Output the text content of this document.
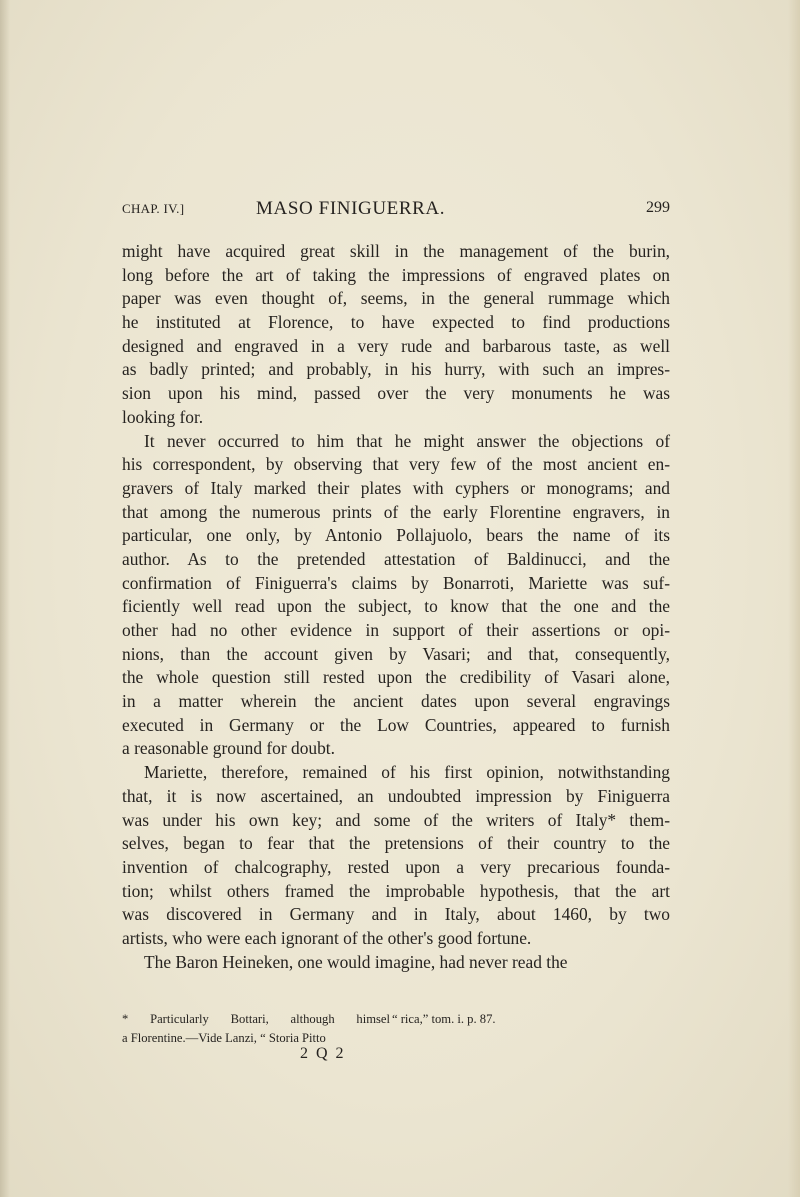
CHAP. IV.]	MASO FINIGUERRA.	299
might have acquired great skill in the management of the burin,
long before the art of taking the impressions of engraved plates on
paper was even thought of, seems, in the general rummage which
he instituted at Florence, to have expected to find productions
designed and engraved in a very rude and barbarous taste, as well
as badly printed; and probably, in his hurry, with such an impres-
sion upon his mind, passed over the very monuments he was
looking for.
It never occurred to him that he might answer the objections of
his correspondent, by observing that very few of the most ancient en-
gravers of Italy marked their plates with cyphers or monograms; and
that among the numerous prints of the early Florentine engravers, in
particular, one only, by Antonio Pollajuolo, bears the name of its
author. As to the pretended attestation of Baldinucci, and the
confirmation of Finiguerra's claims by Bonarroti, Mariette was suf-
ficiently well read upon the subject, to know that the one and the
other had no other evidence in support of their assertions or opi-
nions, than the account given by Vasari; and that, consequently,
the whole question still rested upon the credibility of Vasari alone,
in a matter wherein the ancient dates upon several engravings
executed in Germany or the Low Countries, appeared to furnish
a reasonable ground for doubt.
Mariette, therefore, remained of his first opinion, notwithstanding
that, it is now ascertained, an undoubted impression by Finiguerra
was under his own key; and some of the writers of Italy* them-
selves, began to fear that the pretensions of their country to the
invention of chalcography, rested upon a very precarious founda-
tion; whilst others framed the improbable hypothesis, that the art
was discovered in Germany and in Italy, about 1460, by two
artists, who were each ignorant of the other's good fortune.
The Baron Heineken, one would imagine, had never read the
* Particularly Bottari, although himsel
a Florentine.—Vide Lanzi, “ Storia Pitto
“ rica,” tom. i. p. 87.
2 Q 2
